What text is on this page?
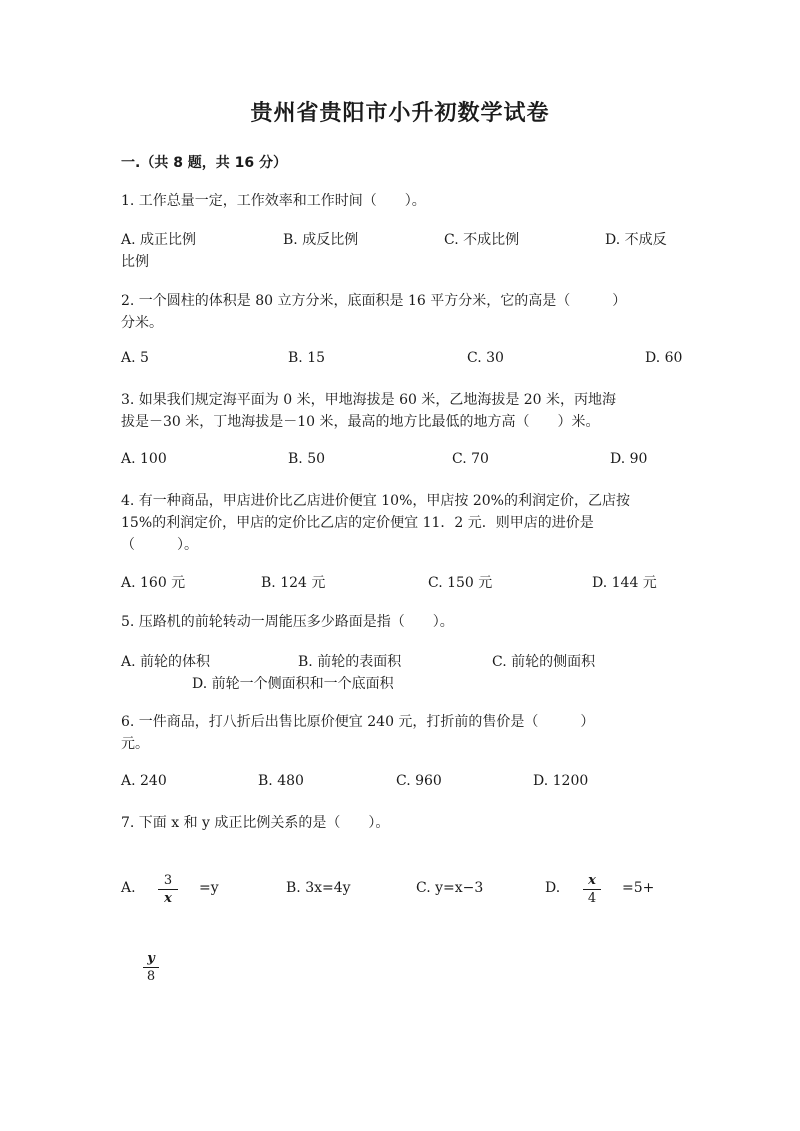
贵州省贵阳市小升初数学试卷
一.（共 8 题，共 16 分）
1. 工作总量一定，工作效率和工作时间（　　）。
A. 成正比例	B. 成反比例	C. 不成比例	D. 不成反
比例
2. 一个圆柱的体积是 80 立方分米，底面积是 16 平方分米，它的高是（　　　）
分米。
A. 5	B. 15	C. 30	D. 60
3. 如果我们规定海平面为 0 米，甲地海拔是 60 米，乙地海拔是 20 米，丙地海
拔是－30 米，丁地海拔是－10 米，最高的地方比最低的地方高（　　）米。
A. 100	B. 50	C. 70	D. 90
4. 有一种商品，甲店进价比乙店进价便宜 10%，甲店按 20%的利润定价，乙店按
15%的利润定价，甲店的定价比乙店的定价便宜 11．2 元．则甲店的进价是
（　　　）。
A. 160 元	B. 124 元	C. 150 元	D. 144 元
5. 压路机的前轮转动一周能压多少路面是指（　　）。
A. 前轮的体积	B. 前轮的表面积	C. 前轮的侧面积
D. 前轮一个侧面积和一个底面积
6. 一件商品，打八折后出售比原价便宜 240 元，打折前的售价是（　　　）
元。
A. 240	B. 480	C. 960	D. 1200
7. 下面 x 和 y 成正比例关系的是（　　）。
A. $\frac{3}{x} =y$	B. 3x=4y	C. y=x−3	D. $\frac{x}{4} =5+$
$\frac{y}{8}$
